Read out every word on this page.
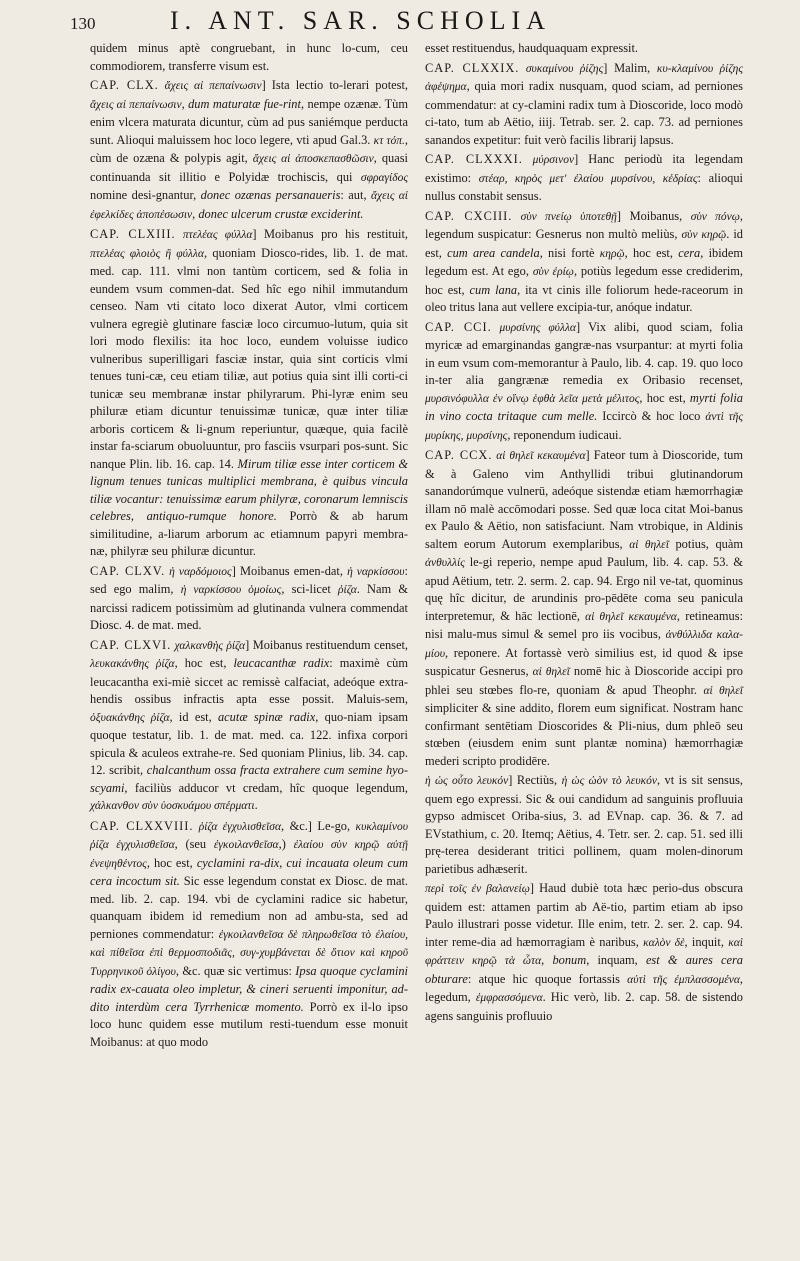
130	I. ANT. SAR. SCHOLIA

quidem minus aptè congruebant, in hunc lo-cum, ceu commodiorem, transferre visum est.

CAP. CLX. ἄχεις αἱ πεπαίνωσιν] Ista lectio to-lerari potest, ἄχεις αἱ πεπαίνωσιν, dum maturatæ fue-rint, nempe ozænæ. Tùm enim vlcera maturata dicuntur, cùm ad pus saniémque perducta sunt. Alioqui maluissem hoc loco legere, vti apud Gal.3. κτ τόπ., cùm de ozæna & polypis agit, ἄχεις αἱ ἀποσκεπασθῶσιν, quasi continuanda sit illitio e Polyidæ trochiscis, qui σφραγίδος nomine desi-gnantur, donec ozænas persanaueris: aut, ἄχεις αἱ ἐφελκίδες ἀποπέσωσιν, donec ulcerum crustæ exciderint.

CAP. CLXIII. πτελέας φύλλα] Moibanus pro his restituit, πτελέας φλοιὸς ἢ φύλλα, quoniam Diosco-rides, lib. 1. de mat. med. cap. 111. vlmi non tantùm corticem, sed & folia in eundem vsum commen-dat. Sed hîc ego nihil immutandum censeo. Nam vti citato loco dixerat Autor, vlmi corticem vulnera egregiè glutinare fasciæ loco circumuo-lutum, quia sit lori modo flexilis: ita hoc loco, eundem voluisse iudico vulneribus superilligari fasciæ instar, quia sint corticis vlmi tenues tuni-cæ, ceu etiam tiliæ, aut potius quia sint illi corti-ci tunicæ seu membranæ instar philyrarum. Phi-lyræ enim seu philuræ etiam dicuntur tenuissimæ tunicæ, quæ inter tiliæ arboris corticem & li-gnum reperiuntur, quæque, quia facilè instar fa-sciarum obuoluuntur, pro fasciis vsurpari pos-sunt. Sic nanque Plin. lib. 16. cap. 14. Mirum tiliæ esse inter corticem & lignum tenues tunicas multiplici membrana, è quibus vincula tiliæ vocantur: tenuissimæ earum philyræ, coronarum lemniscis celebres, antiquo-rumque honore. Porrò & ab harum similitudine, a-liarum arborum ac etiamnum papyri membra-næ, philyræ seu philuræ dicuntur.

CAP. CLXV. ἡ ναρδόμοιος] Moibanus emen-dat, ἡ ναρκίσσου: sed ego malim, ἡ ναρκίσσου ὁμοίως, sci-licet ῥίζα. Nam & narcissi radicem potissimùm ad glutinanda vulnera commendat Diosc. 4. de mat. med.

CAP. CLXVI. χαλκανθὴς ῥίζα] Moibanus restituendum censet, λευκακάνθης ῥίζα, hoc est, leucacanthæ radix: maximè cùm leucacantha exi-miè siccet ac remissè calfaciat, adeóque extra-hendis ossibus infractis apta esse possit. Maluis-sem, ὀξυακάνθης ῥίζα, id est, acutæ spinæ radix, quo-niam ipsam quoque testatur, lib. 1. de mat. med. ca. 122. infixa corpori spicula & aculeos extrahe-re. Sed quoniam Plinius, lib. 34. cap. 12. scribit, chalcanthum ossa fracta extrahere cum semine hyo-scyami, faciliùs adducor vt credam, hîc quoque legendum, χάλκανθον σὺν ὑοσκυάμου σπέρματι.

CAP. CLXXVIII. ῥίζα ἐγχυλισθεῖσα, &c.] Le-go, κυκλαμίνου ῥίζα ἐγχυλισθεῖσα, (seu ἐγκοιλανθεῖσα,) ἐλαίου σὺν κηρῷ αὐτῇ ἐνεψηθέντος, hoc est, cyclamini ra-dix, cui incauata oleum cum cera incoctum sit. Sic esse legendum constat ex Diosc. de mat. med. lib. 2. cap. 194. vbi de cyclamini radice sic habetur, quanquam ibidem id remedium non ad ambu-sta, sed ad perniones commendatur: ἐγκοιλανθεῖσα δὲ πληρωθεῖσα τὸ ἐλαίου, καὶ πίθεῖσα ἐπὶ θερμοσποδιᾶς, συγ-χυμβάνεται δὲ ὅτιον καὶ κηροῦ Τυρρηνικοῦ ὀλίγου, &c. quæ sic vertimus: Ipsa quoque cyclamini radix ex-cauata oleo impletur, & cineri seruenti imponitur, ad-dito interdùm cera Tyrrhenicæ momento. Porrò ex il-lo ipso loco hunc quidem esse mutilum resti-tuendum esse monuit Moibanus: at quo modo

esset restituendus, haudquaquam expressit.

CAP. CLXXIX. συκαμίνου ῥίζης] Malim, κυ-κλαμίνου ῥίζης ἀφέψημα, quia mori radix nusquam, quod sciam, ad perniones commendatur: at cy-clamini radix tum à Dioscoride, loco modò ci-tato, tum ab Aëtio, iiij. Tetrab. ser. 2. cap. 73. ad perniones sanandos expetitur: fuit verò facilis librarij lapsus.

CAP. CLXXXI. μύρσινον] Hanc periodù ita legendam existimo: στέαρ, κηρὸς μετ' ἐλαίου μυρσίνου, κέδρίας: alioqui nullus constabit sensus.

CAP. CXCIII. σὺν πνείῳ ὑποτεθῇ] Moibanus, σὺν πόνῳ, legendum suspicatur: Gesnerus non multò meliùs, σὺν κηρῷ. id est, cum area candela, nisi fortè κηρῷ, hoc est, cera, ibidem legedum est. At ego, σὺν ἐρίῳ, potiùs legedum esse crediderim, hoc est, cum lana, ita vt cinis ille foliorum hede-raceorum in oleo tritus lana aut vellere excipia-tur, anóque indatur.

CAP. CCI. μυρσίνης φύλλα] Vix alibi, quod sciam, folia myricæ ad emarginandas gangræ-nas vsurpantur: at myrti folia in eum vsum com-memorantur à Paulo, lib. 4. cap. 19. quo loco in-ter alia gangrænæ remedia ex Oribasio recenset, μυρσινόφυλλα ἐν οἴνῳ ἑφθὰ λεῖα μετὰ μέλιτος, hoc est, myrti folia in vino cocta tritaque cum melle. Iccircò & hoc loco ἀντὶ τῆς μυρίκης, μυρσίνης, reponendum iudicaui.

CAP. CCX. αἱ θηλεῖ κεκαυμένα] Fateor tum à Dioscoride, tum & à Galeno vim Anthyllidi tribui glutinandorum sanandorúmque vulnerū, adeóque sistendæ etiam hæmorrhagiæ illam nō malè accōmodari posse. Sed quæ loca citat Moi-banus ex Paulo & Aëtio, non satisfaciunt. Nam vtrobique, in Aldinis saltem eorum Autorum exemplaribus, αἱ θηλεῖ potius, quàm ἀνθυλλίς le-gi reperio, nempe apud Paulum, lib. 4. cap. 53. & apud Aëtium, tetr. 2. serm. 2. cap. 94. Ergo nil ve-tat, quominus quę hîc dicitur, de arundinis pro-pēdēte coma seu panicula interpretemur, & hāc lectionē, αἱ θηλεῖ κεκαυμένα, retineamus: nisi malu-mus simul & semel pro iis vocibus, ἀνθύλλιδα καλα-μίου, reponere. At fortassè verò similius est, id quod & ipse suspicatur Gesnerus, αἱ θηλεῖ nomē hic à Dioscoride accipi pro phlei seu stœbes flo-re, quoniam & apud Theophr. αἱ θηλεῖ simpliciter & sine addito, florem eum significat. Nostram hanc confirmant sentētiam Dioscorides & Pli-nius, dum phleō seu stœben (eiusdem enim sunt plantæ nomina) hæmorrhagiæ mederi scripto prodidēre.

ἡ ὡς οὖτο λευκόν] Rectiùs, ἡ ὡς ὠὸν τὸ λευκόν, vt is sit sensus, quem ego expressi. Sic & oui candidum ad sanguinis profluuia gypso admiscet Oriba-sius, 3. ad EVnap. cap. 36. & 7. ad EVstathium, c. 20. Itemq; Aëtius, 4. Tetr. ser. 2. cap. 51. sed illi prę-terea desiderant tritici pollinem, quam molen-dinorum parietibus adhæserit.

περὶ τοῖς ἐν βαλανείῳ] Haud dubiè tota hæc perio-dus obscura quidem est: attamen partim ab Aë-tio, partim etiam ab ipso Paulo illustrari posse videtur. Ille enim, tetr. 2. ser. 2. cap. 94. inter reme-dia ad hæmorragiam è naribus, καλὸν δὲ, inquit, καὶ φράττειν κηρῷ τὰ ὦτα, bonum, inquam, est & aures cera obturare: atque hic quoque fortassis αὐτὶ τῆς ἐμπλασσομένα, legedum, ἐμφρασσόμενα. Hic verò, lib. 2. cap. 58. de sistendo agens sanguinis profluuio
